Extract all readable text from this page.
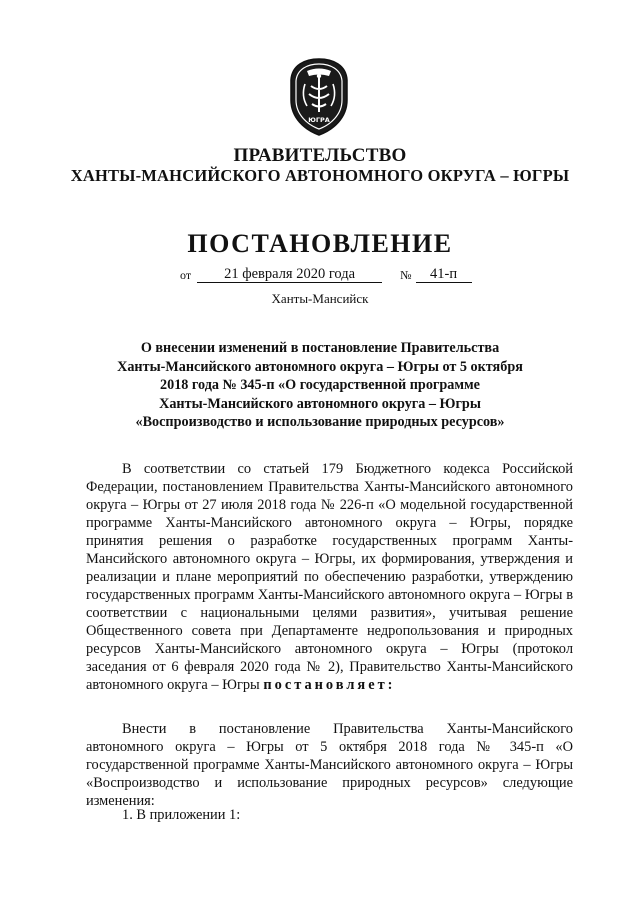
ЮГРА
ПРАВИТЕЛЬСТВО
ХАНТЫ-МАНСИЙСКОГО АВТОНОМНОГО ОКРУГА – ЮГРЫ
ПОСТАНОВЛЕНИЕ
от	21 февраля 2020 года	№	41-п
Ханты-Мансийск
О внесении изменений в постановление Правительства
Ханты-Мансийского автономного округа – Югры от 5 октября
2018 года № 345-п «О государственной программе
Ханты-Мансийского автономного округа – Югры
«Воспроизводство и использование природных ресурсов»
В соответствии со статьей 179 Бюджетного кодекса Российской Федерации, постановлением Правительства Ханты-Мансийского автономного округа – Югры от 27 июля 2018 года № 226-п «О модельной государственной программе Ханты-Мансийского автономного округа – Югры, порядке принятия решения о разработке государственных программ Ханты-Мансийского автономного округа – Югры, их формирования, утверждения и реализации и плане мероприятий по обеспечению разработки, утверждению государственных программ Ханты-Мансийского автономного округа – Югры в соответствии с национальными целями развития», учитывая решение Общественного совета при Департаменте недропользования и природных ресурсов Ханты-Мансийского автономного округа – Югры (протокол заседания от 6 февраля 2020 года № 2), Правительство Ханты-Мансийского автономного округа – Югры постановляет:
Внести в постановление Правительства Ханты-Мансийского автономного округа – Югры от 5 октября 2018 года № 345-п «О государственной программе Ханты-Мансийского автономного округа – Югры «Воспроизводство и использование природных ресурсов» следующие изменения:
1. В приложении 1:
